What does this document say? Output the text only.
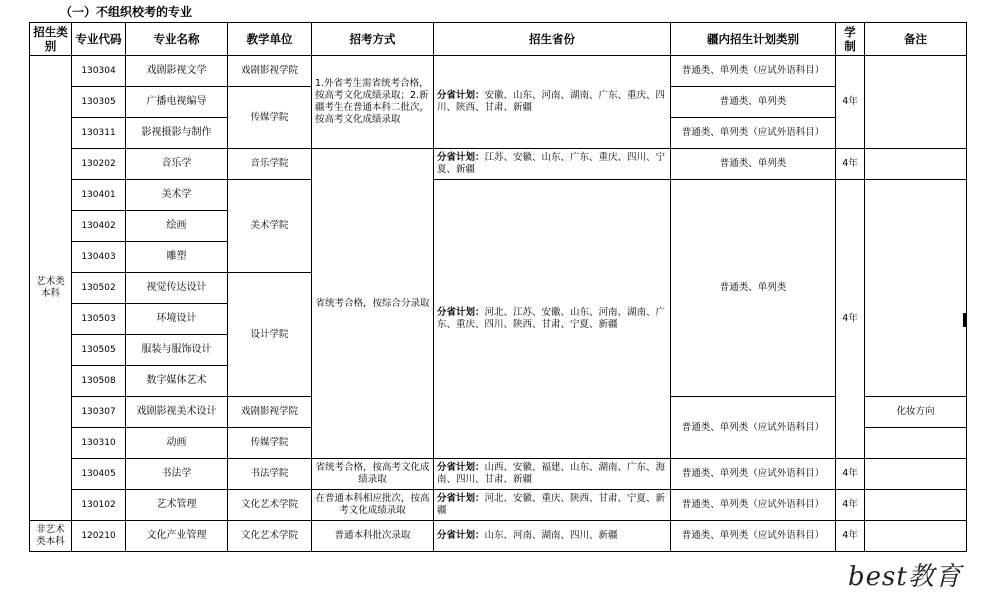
（一）不组织校考的专业
招生类别	专业代码	专业名称	教学单位	招考方式	招生省份	疆内招生计划类别	学制	备注
艺术类本科	130304	戏剧影视文学	戏剧影视学院	1.外省考生需省统考合格，按高考文化成绩录取；2.新疆考生在普通本科二批次，按高考文化成绩录取	分省计划：安徽、山东、河南、湖南、广东、重庆、四川、陕西、甘肃、新疆	普通类、单列类（应试外语科目）	4年	
	130305	广播电视编导	传媒学院			普通类、单列类		
	130311	影视摄影与制作				普通类、单列类（应试外语科目）		
	130202	音乐学	音乐学院	省统考合格，按综合分录取	分省计划：江苏、安徽、山东、广东、重庆、四川、宁夏、新疆	普通类、单列类	4年	
	130401	美术学	美术学院		分省计划：河北、江苏、安徽、山东、河南、湖南、广东、重庆、四川、陕西、甘肃、宁夏、新疆	普通类、单列类	4年	
	130402	绘画						
	130403	雕塑						
	130502	视觉传达设计	设计学院					
	130503	环境设计						
	130505	服装与服饰设计						
	130508	数字媒体艺术						
	130307	戏剧影视美术设计	戏剧影视学院			普通类、单列类（应试外语科目）		化妆方向
	130310	动画	传媒学院					
	130405	书法学	书法学院	省统考合格，按高考文化成绩录取	分省计划：山西、安徽、福建、山东、湖南、广东、海南、四川、甘肃、新疆	普通类、单列类（应试外语科目）	4年	
	130102	艺术管理	文化艺术学院	在普通本科相应批次，按高考文化成绩录取	分省计划：河北、安徽、重庆、陕西、甘肃、宁夏、新疆	普通类、单列类（应试外语科目）	4年	
非艺术类本科	120210	文化产业管理	文化艺术学院	普通本科批次录取	分省计划：山东、河南、湖南、四川、新疆	普通类、单列类（应试外语科目）	4年	
best教育
